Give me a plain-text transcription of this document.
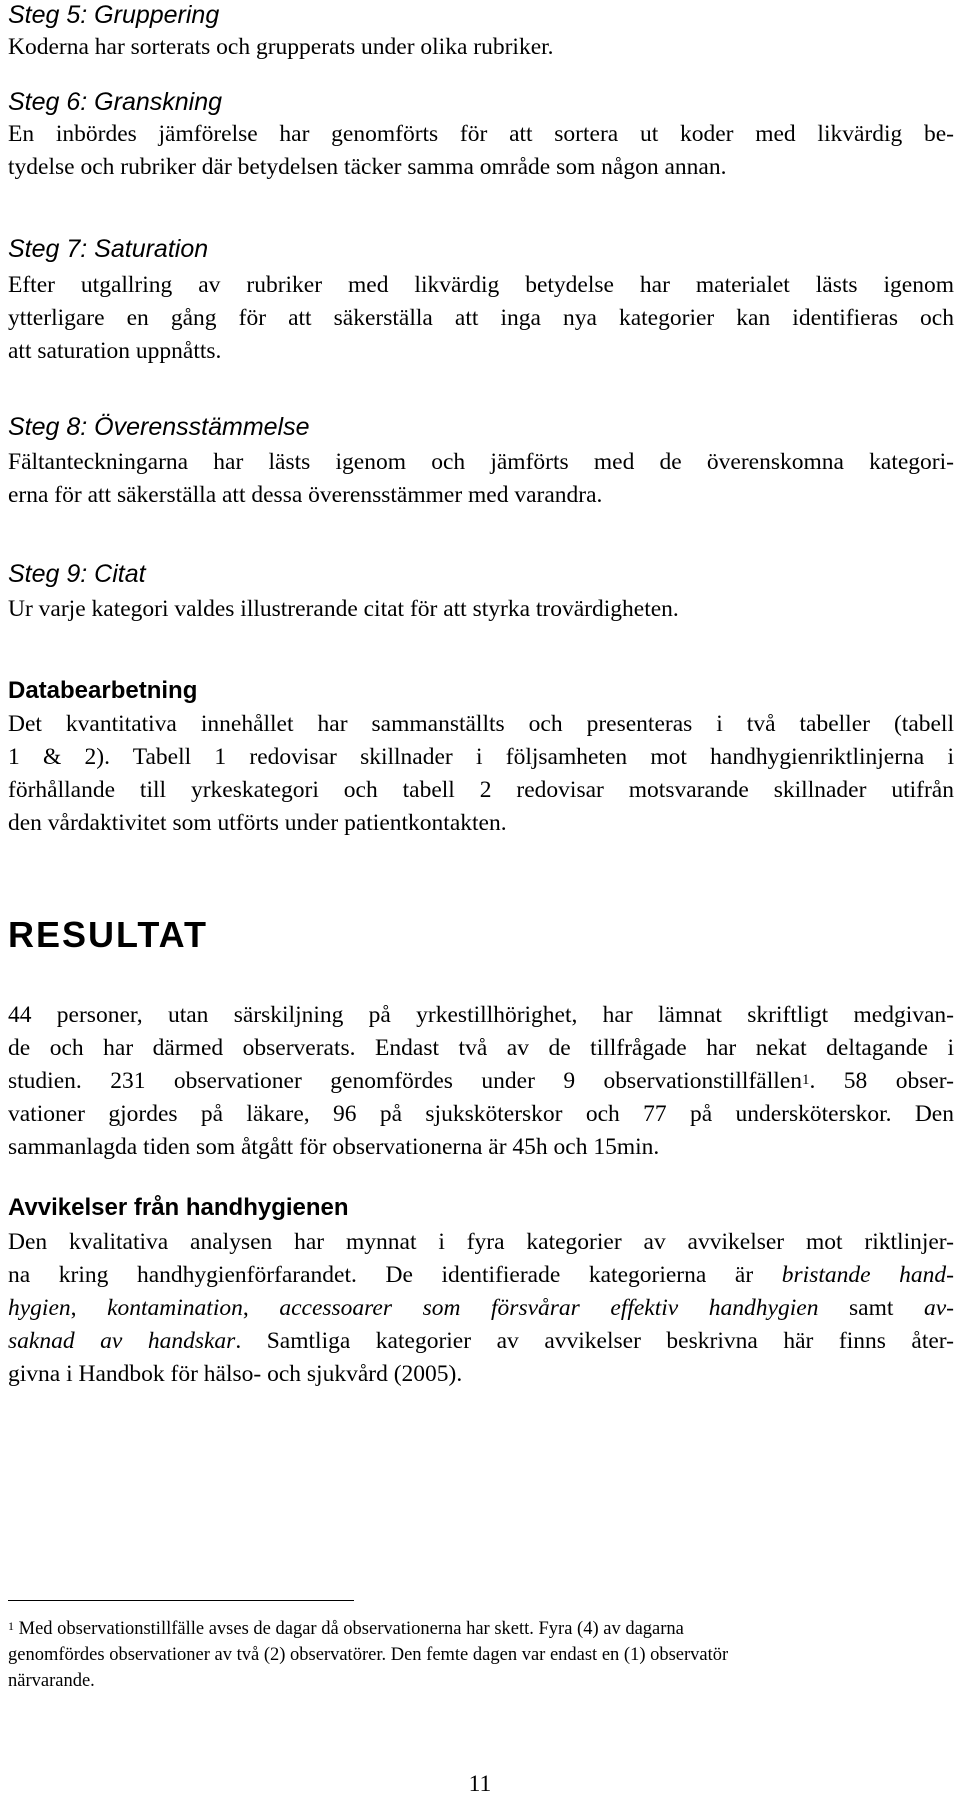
Steg 5: Gruppering
Koderna har sorterats och grupperats under olika rubriker.
Steg 6: Granskning
En inbördes jämförelse har genomförts för att sortera ut koder med likvärdig be-
tydelse och rubriker där betydelsen täcker samma område som någon annan.
Steg 7: Saturation
Efter utgallring av rubriker med likvärdig betydelse har materialet lästs igenom
ytterligare en gång för att säkerställa att inga nya kategorier kan identifieras och
att saturation uppnåtts.
Steg 8: Överensstämmelse
Fältanteckningarna har lästs igenom och jämförts med de överenskomna kategori-
erna för att säkerställa att dessa överensstämmer med varandra.
Steg 9: Citat
Ur varje kategori valdes illustrerande citat för att styrka trovärdigheten.
Databearbetning
Det kvantitativa innehållet har sammanställts och presenteras i två tabeller (tabell
1 & 2). Tabell 1 redovisar skillnader i följsamheten mot handhygienriktlinjerna i
förhållande till yrkeskategori och tabell 2 redovisar motsvarande skillnader utifrån
den vårdaktivitet som utförts under patientkontakten.
RESULTAT
44 personer, utan särskiljning på yrkestillhörighet, har lämnat skriftligt medgivan-
de och har därmed observerats. Endast två av de tillfrågade har nekat deltagande i
studien. 231 observationer genomfördes under 9 observationstillfällen$^1$. 58 obser-
vationer gjordes på läkare, 96 på sjuksköterskor och 77 på undersköterskor. Den
sammanlagda tiden som åtgått för observationerna är 45h och 15min.
Avvikelser från handhygienen
Den kvalitativa analysen har mynnat i fyra kategorier av avvikelser mot riktlinjer-
na kring handhygienförfarandet. De identifierade kategorierna är bristande hand-
hygien, kontamination, accessoarer som försvårar effektiv handhygien samt av-
saknad av handskar. Samtliga kategorier av avvikelser beskrivna här finns åter-
givna i Handbok för hälso- och sjukvård (2005).
$^1$ Med observationstillfälle avses de dagar då observationerna har skett. Fyra (4) av dagarna
genomfördes observationer av två (2) observatörer. Den femte dagen var endast en (1) observatör
närvarande.

11
